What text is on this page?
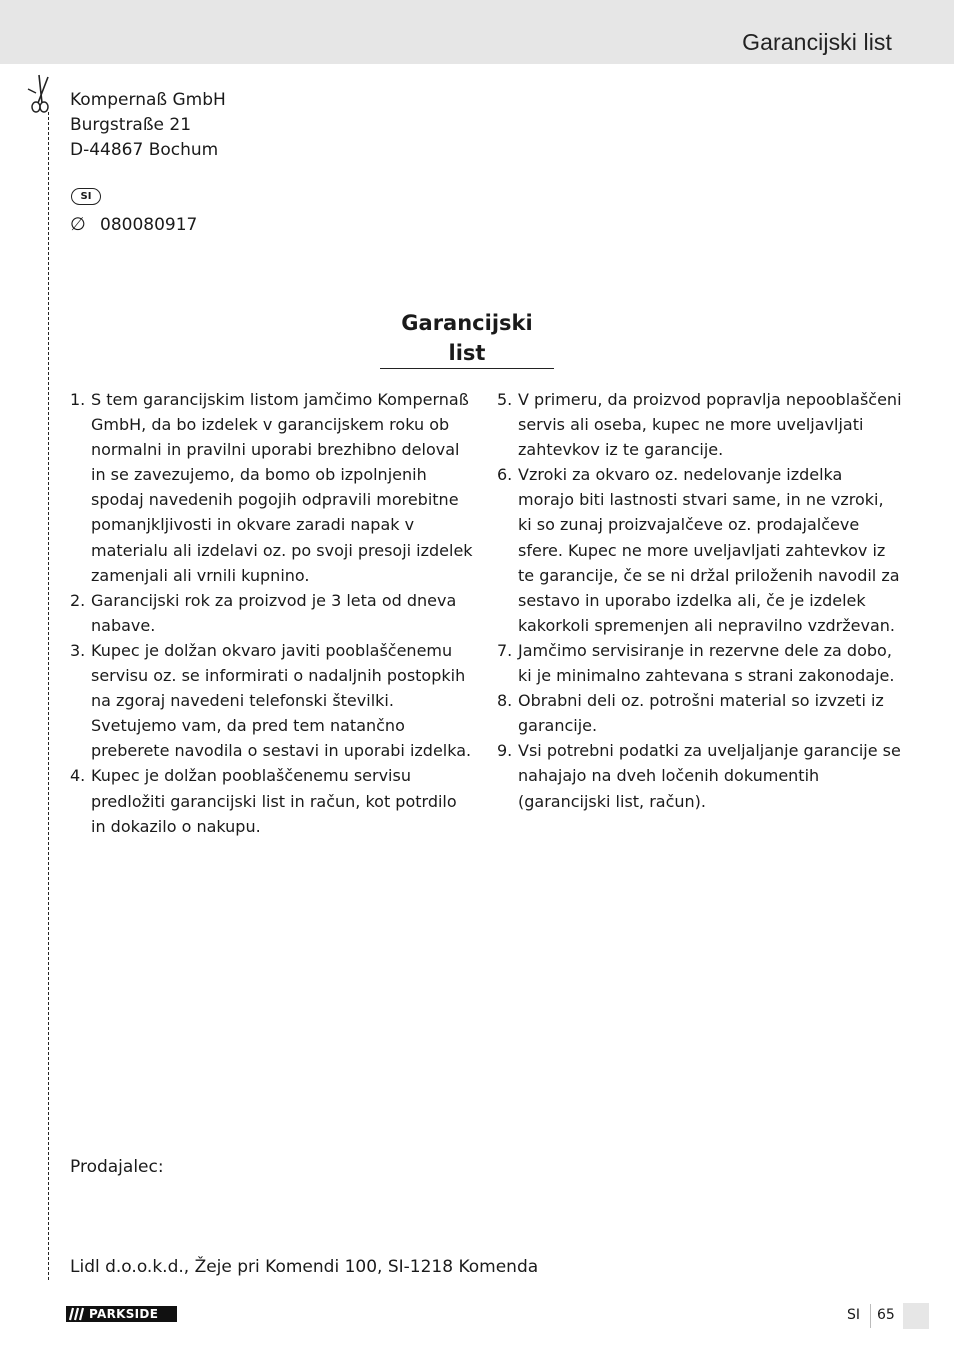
Garancijski list
Kompernaß GmbH
Burgstraße 21
D-44867 Bochum
SI
∅ 080080917
Garancijski list
1. S tem garancijskim listom jamčimo Kompernaß GmbH, da bo izdelek v garancijskem roku ob normalni in pravilni uporabi brezhibno deloval in se zavezujemo, da bomo ob izpolnjenih spodaj navedenih pogojih odpravili morebitne pomanjkljivosti in okvare zaradi napak v materialu ali izdelavi oz. po svoji presoji izdelek zamenjali ali vrnili kupnino.
2. Garancijski rok za proizvod je 3 leta od dneva nabave.
3. Kupec je dolžan okvaro javiti pooblaščenemu servisu oz. se informirati o nadaljnih postopkih na zgoraj navedeni telefonski številki. Svetujemo vam, da pred tem natančno preberete navodila o sestavi in uporabi izdelka.
4. Kupec je dolžan pooblaščenemu servisu predložiti garancijski list in račun, kot potrdilo in dokazilo o nakupu.
5. V primeru, da proizvod popravlja nepooblaščeni servis ali oseba, kupec ne more uveljavljati zahtevkov iz te garancije.
6. Vzroki za okvaro oz. nedelovanje izdelka morajo biti lastnosti stvari same, in ne vzroki, ki so zunaj proizvajalčeve oz. prodajalčeve sfere. Kupec ne more uveljavljati zahtevkov iz te garancije, če se ni držal priloženih navodil za sestavo in uporabo izdelka ali, če je izdelek kakorkoli spremenjen ali nepravilno vzdrževan.
7. Jamčimo servisiranje in rezervne dele za dobo, ki je minimalno zahtevana s strani zakonodaje.
8. Obrabni deli oz. potrošni material so izvzeti iz garancije.
9. Vsi potrebni podatki za uveljaljanje garancije se nahajajo na dveh ločenih dokumentih (garancijski list, račun).
Prodajalec:
Lidl d.o.o.k.d., Žeje pri Komendi 100, SI-1218 Komenda
PARKSIDE	SI 65
